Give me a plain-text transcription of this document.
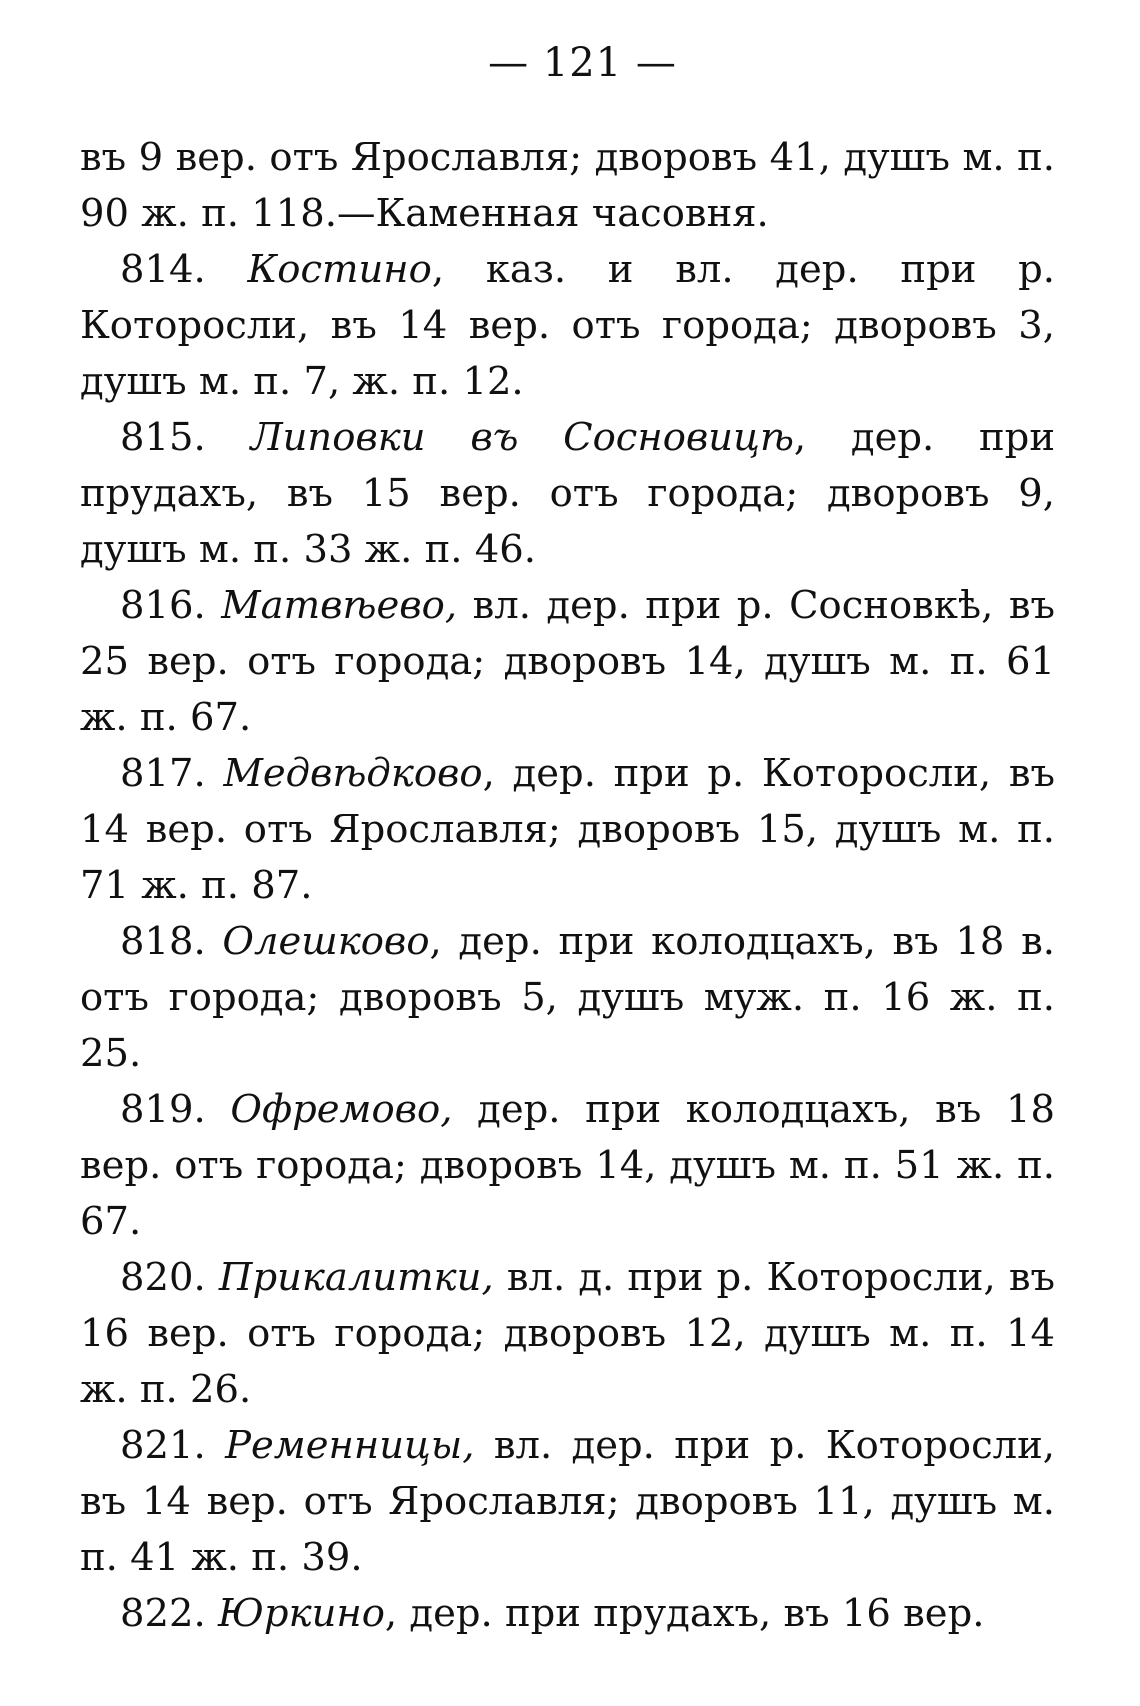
— 121 —

въ 9 вер. отъ Ярославля; дворовъ 41, душъ м. п. 90 ж. п. 118.—Каменная часовня.

814. Костино, каз. и вл. дер. при р. Которосли, въ 14 вер. отъ города; дворовъ 3, душъ м. п. 7, ж. п. 12.

815. Липовки въ Сосновицѣ, дер. при прудахъ, въ 15 вер. отъ города; дворовъ 9, душъ м. п. 33 ж. п. 46.

816. Матвѣево, вл. дер. при р. Сосновкѣ, въ 25 вер. отъ города; дворовъ 14, душъ м. п. 61 ж. п. 67.

817. Медвѣдково, дер. при р. Которосли, въ 14 вер. отъ Ярославля; дворовъ 15, душъ м. п. 71 ж. п. 87.

818. Олешково, дер. при колодцахъ, въ 18 в. отъ города; дворовъ 5, душъ муж. п. 16 ж. п. 25.

819. Офремово, дер. при колодцахъ, въ 18 вер. отъ города; дворовъ 14, душъ м. п. 51 ж. п. 67.

820. Прикалитки, вл. д. при р. Которосли, въ 16 вер. отъ города; дворовъ 12, душъ м. п. 14 ж. п. 26.

821. Ременницы, вл. дер. при р. Которосли, въ 14 вер. отъ Ярославля; дворовъ 11, душъ м. п. 41 ж. п. 39.

822. Юркино, дер. при прудахъ, въ 16 вер.
